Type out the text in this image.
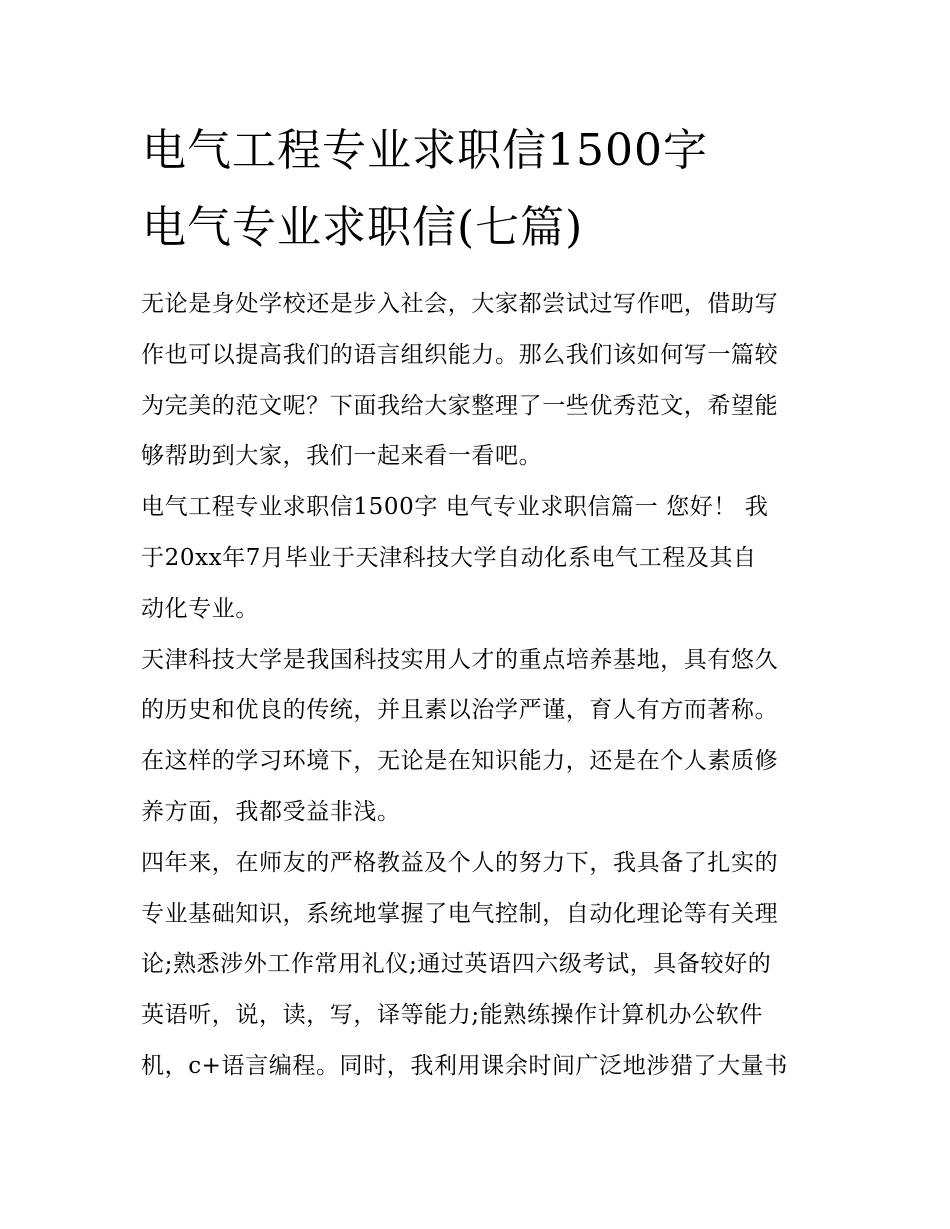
电气工程专业求职信1500字
电气专业求职信(七篇)

无论是身处学校还是步入社会，大家都尝试过写作吧，借助写
作也可以提高我们的语言组织能力。那么我们该如何写一篇较
为完美的范文呢？下面我给大家整理了一些优秀范文，希望能
够帮助到大家，我们一起来看一看吧。

电气工程专业求职信1500字 电气专业求职信篇一 您好！ 我
于20xx年7月毕业于天津科技大学自动化系电气工程及其自
动化专业。

天津科技大学是我国科技实用人才的重点培养基地，具有悠久
的历史和优良的传统，并且素以治学严谨，育人有方而著称。
在这样的学习环境下，无论是在知识能力，还是在个人素质修
养方面，我都受益非浅。

四年来，在师友的严格教益及个人的努力下，我具备了扎实的
专业基础知识，系统地掌握了电气控制，自动化理论等有关理
论;熟悉涉外工作常用礼仪;通过英语四六级考试，具备较好的
英语听，说，读，写，译等能力;能熟练操作计算机办公软件
机，c+语言编程。同时，我利用课余时间广泛地涉猎了大量书
